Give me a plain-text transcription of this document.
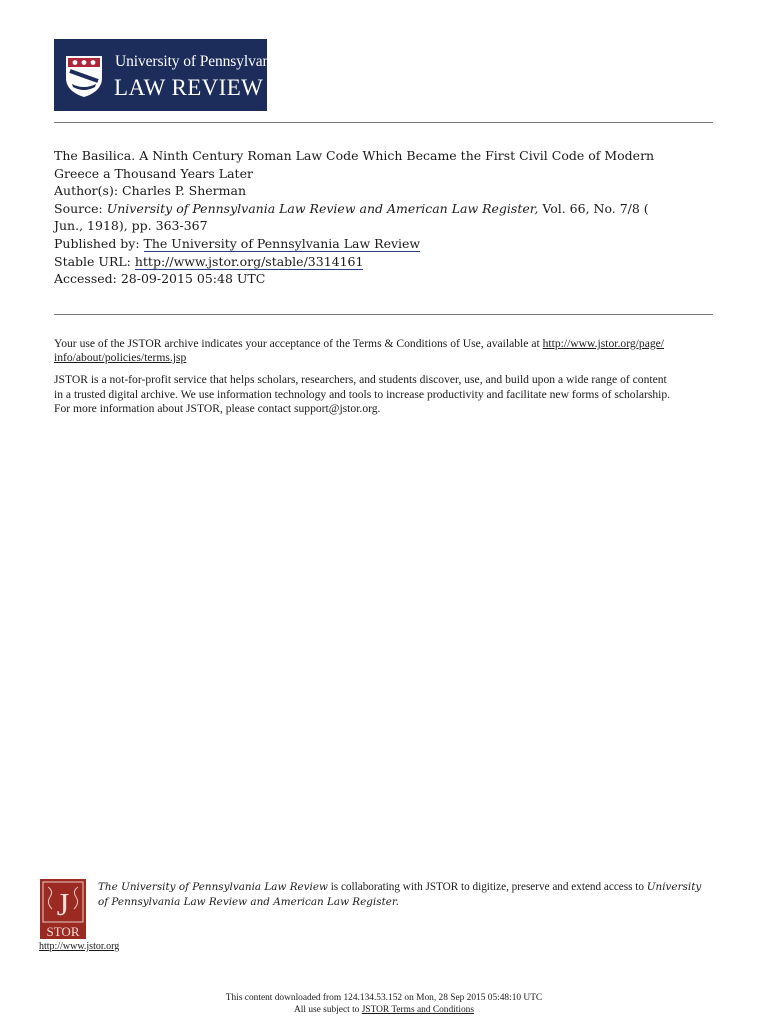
University of Pennsylvania
LAW REVIEW
The Basilica. A Ninth Century Roman Law Code Which Became the First Civil Code of Modern
Greece a Thousand Years Later
Author(s): Charles P. Sherman
Source: University of Pennsylvania Law Review and American Law Register, Vol. 66, No. 7/8 (
Jun., 1918), pp. 363-367
Published by: The University of Pennsylvania Law Review
Stable URL: http://www.jstor.org/stable/3314161
Accessed: 28-09-2015 05:48 UTC

Your use of the JSTOR archive indicates your acceptance of the Terms & Conditions of Use, available at http://www.jstor.org/page/
info/about/policies/terms.jsp

JSTOR is a not-for-profit service that helps scholars, researchers, and students discover, use, and build upon a wide range of content
in a trusted digital archive. We use information technology and tools to increase productivity and facilitate new forms of scholarship.
For more information about JSTOR, please contact support@jstor.org.

J
STOR
http://www.jstor.org
The University of Pennsylvania Law Review is collaborating with JSTOR to digitize, preserve and extend access to University
of Pennsylvania Law Review and American Law Register.
This content downloaded from 124.134.53.152 on Mon, 28 Sep 2015 05:48:10 UTC
All use subject to JSTOR Terms and Conditions
